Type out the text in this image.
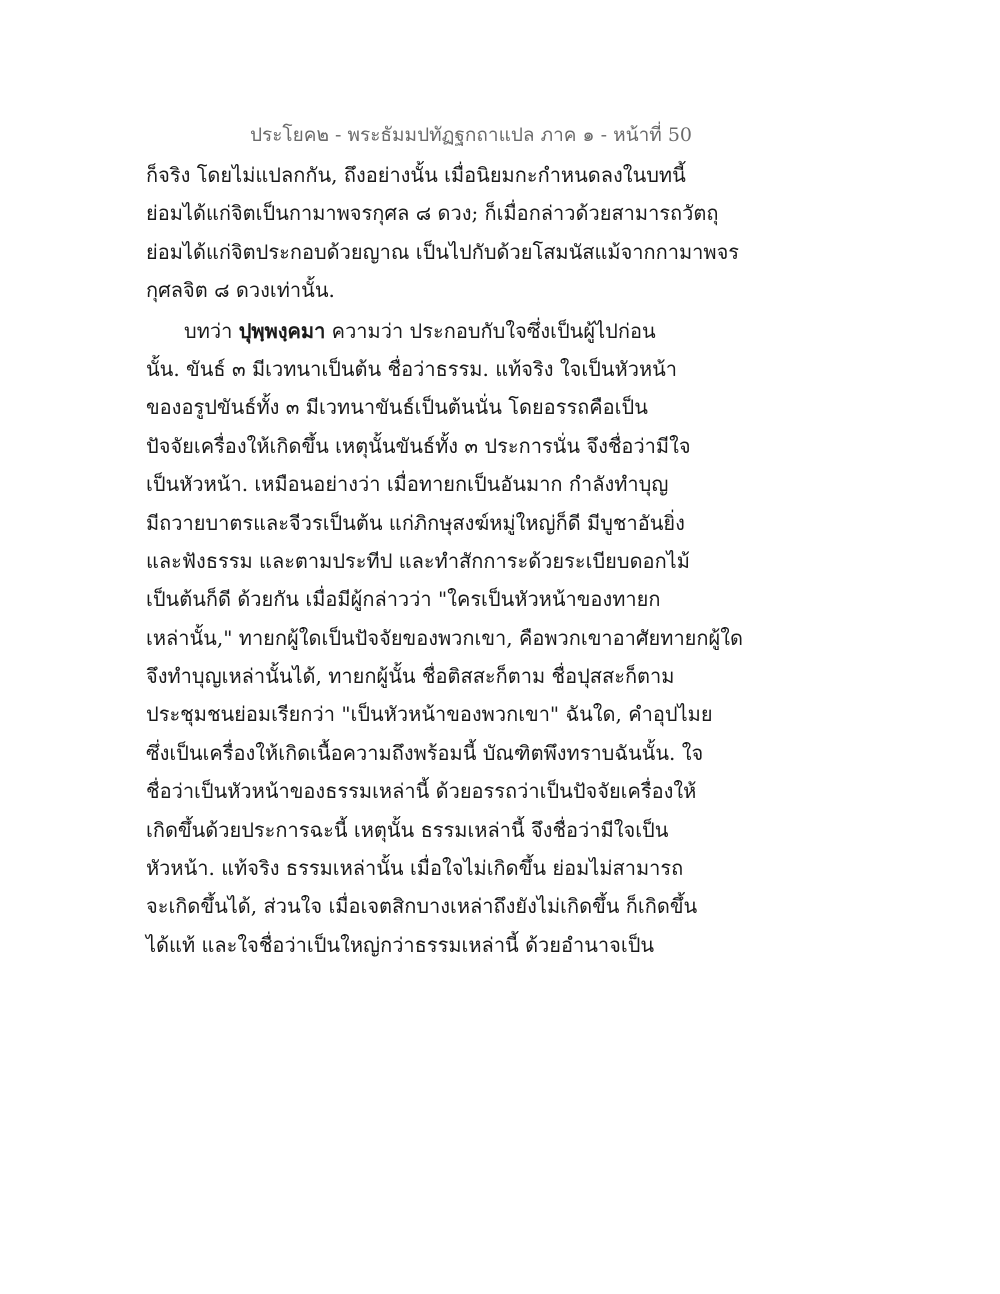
ประโยค๒ - พระธัมมปทัฏฐกถาแปล ภาค ๑ - หน้าที่ 50
ก็จริง โดยไม่แปลกกัน, ถึงอย่างนั้น เมื่อนิยมกะกำหนดลงในบทนี้
ย่อมได้แก่จิตเป็นกามาพจรกุศล ๘ ดวง; ก็เมื่อกล่าวด้วยสามารถวัตถุ
ย่อมได้แก่จิตประกอบด้วยญาณ เป็นไปกับด้วยโสมนัสแม้จากกามาพจร
กุศลจิต ๘ ดวงเท่านั้น.
บทว่า ปุพฺพงฺคมา ความว่า ประกอบกับใจซึ่งเป็นผู้ไปก่อน
นั้น. ขันธ์ ๓ มีเวทนาเป็นต้น ชื่อว่าธรรม. แท้จริง ใจเป็นหัวหน้า
ของอรูปขันธ์ทั้ง ๓ มีเวทนาขันธ์เป็นต้นนั่น โดยอรรถคือเป็น
ปัจจัยเครื่องให้เกิดขึ้น เหตุนั้นขันธ์ทั้ง ๓ ประการนั่น จึงชื่อว่ามีใจ
เป็นหัวหน้า. เหมือนอย่างว่า เมื่อทายกเป็นอันมาก กำลังทำบุญ
มีถวายบาตรและจีวรเป็นต้น แก่ภิกษุสงฆ์หมู่ใหญ่ก็ดี มีบูชาอันยิ่ง
และฟังธรรม และตามประทีป และทำสักการะด้วยระเบียบดอกไม้
เป็นต้นก็ดี ด้วยกัน เมื่อมีผู้กล่าวว่า "ใครเป็นหัวหน้าของทายก
เหล่านั้น," ทายกผู้ใดเป็นปัจจัยของพวกเขา, คือพวกเขาอาศัยทายกผู้ใด
จึงทำบุญเหล่านั้นได้, ทายกผู้นั้น ชื่อติสสะก็ตาม ชื่อปุสสะก็ตาม
ประชุมชนย่อมเรียกว่า "เป็นหัวหน้าของพวกเขา" ฉันใด, คำอุปไมย
ซึ่งเป็นเครื่องให้เกิดเนื้อความถึงพร้อมนี้ บัณฑิตพึงทราบฉันนั้น. ใจ
ชื่อว่าเป็นหัวหน้าของธรรมเหล่านี้ ด้วยอรรถว่าเป็นปัจจัยเครื่องให้
เกิดขึ้นด้วยประการฉะนี้ เหตุนั้น ธรรมเหล่านี้ จึงชื่อว่ามีใจเป็น
หัวหน้า. แท้จริง ธรรมเหล่านั้น เมื่อใจไม่เกิดขึ้น ย่อมไม่สามารถ
จะเกิดขึ้นได้, ส่วนใจ เมื่อเจตสิกบางเหล่าถึงยังไม่เกิดขึ้น ก็เกิดขึ้น
ได้แท้ และใจชื่อว่าเป็นใหญ่กว่าธรรมเหล่านี้ ด้วยอำนาจเป็น
